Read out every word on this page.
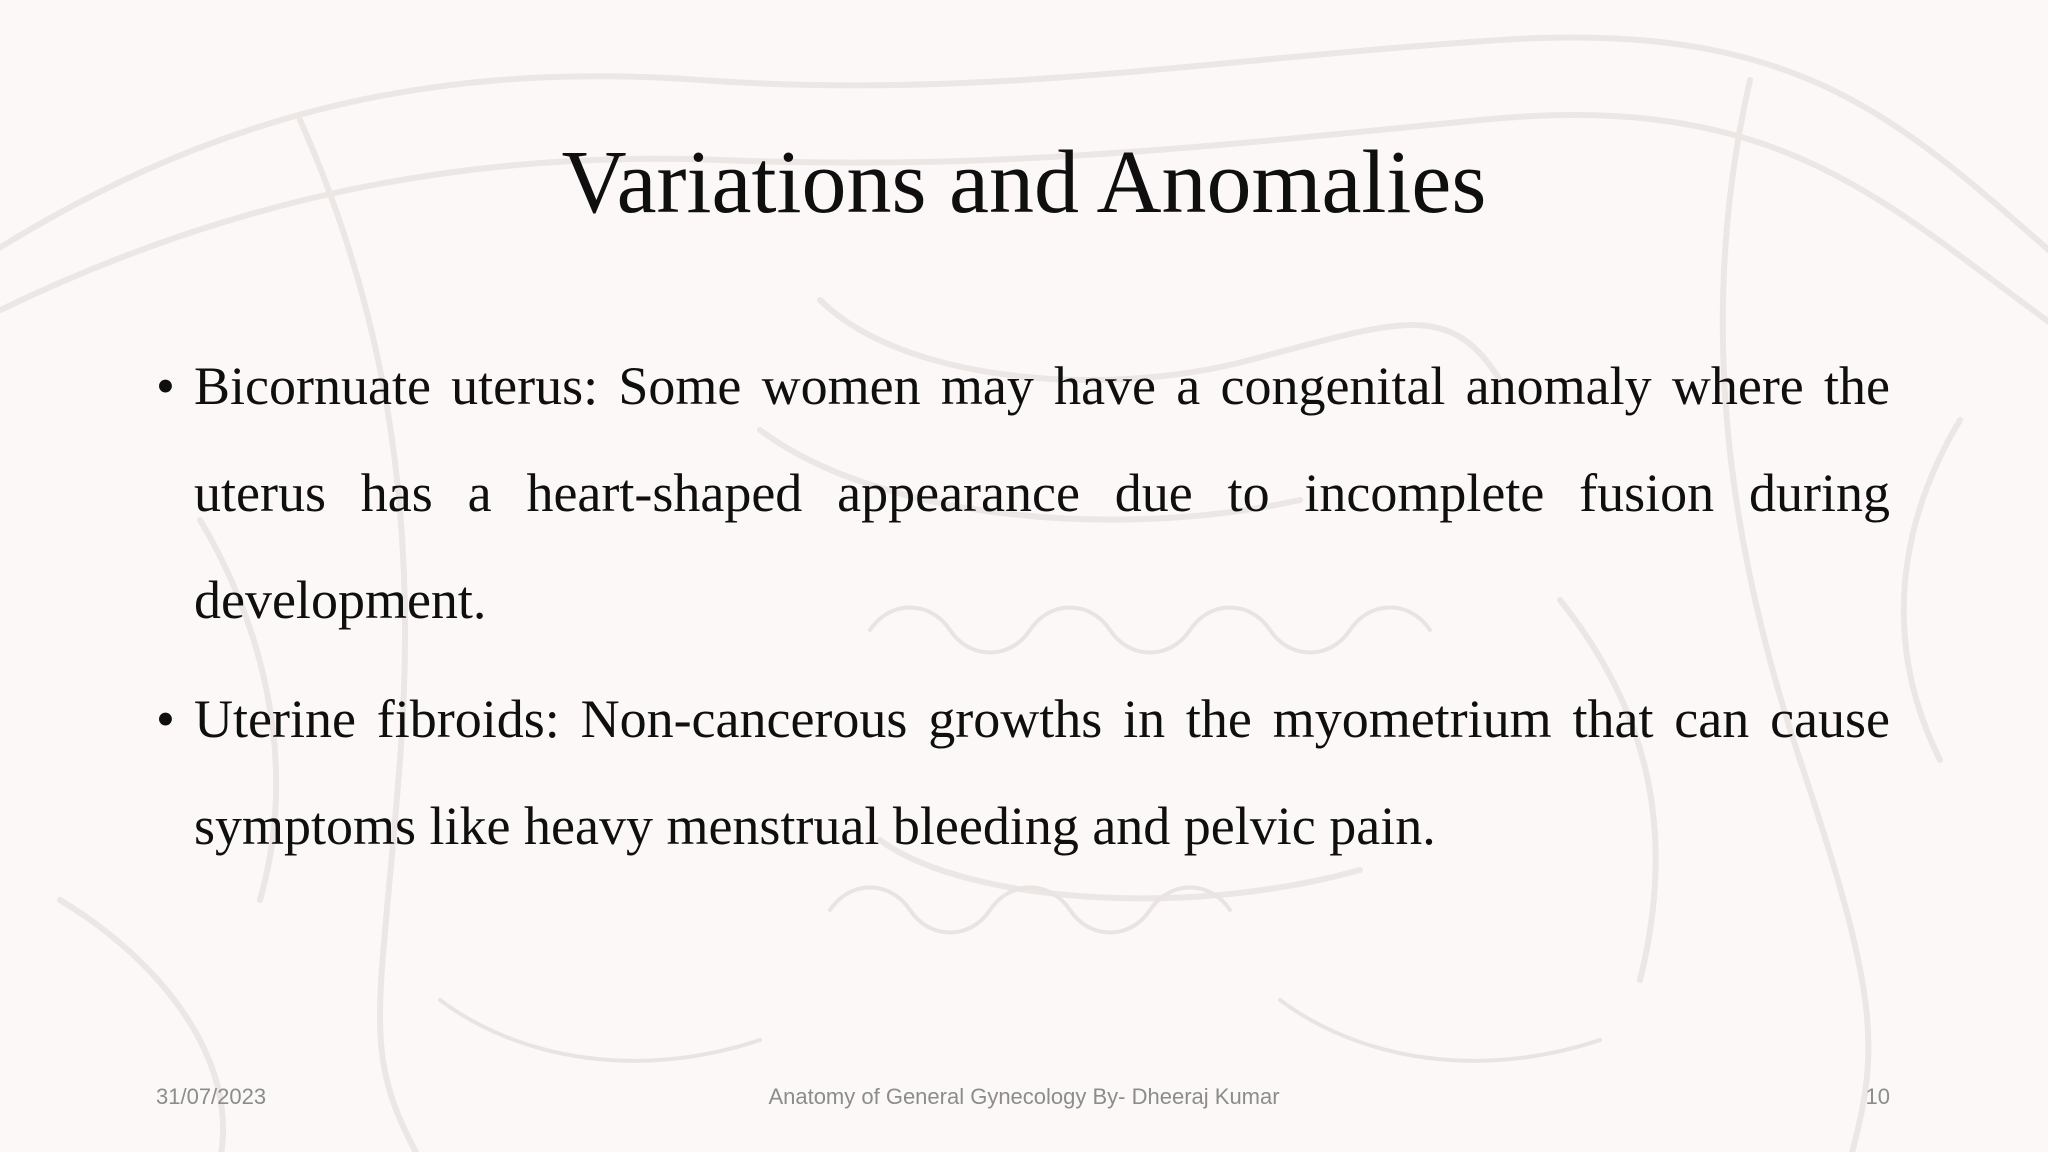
Variations and Anomalies
• Bicornuate uterus: Some women may have a congenital anomaly where the uterus has a heart-shaped appearance due to incomplete fusion during development.
• Uterine fibroids: Non-cancerous growths in the myometrium that can cause symptoms like heavy menstrual bleeding and pelvic pain.
31/07/2023	Anatomy of General Gynecology By- Dheeraj Kumar	10
